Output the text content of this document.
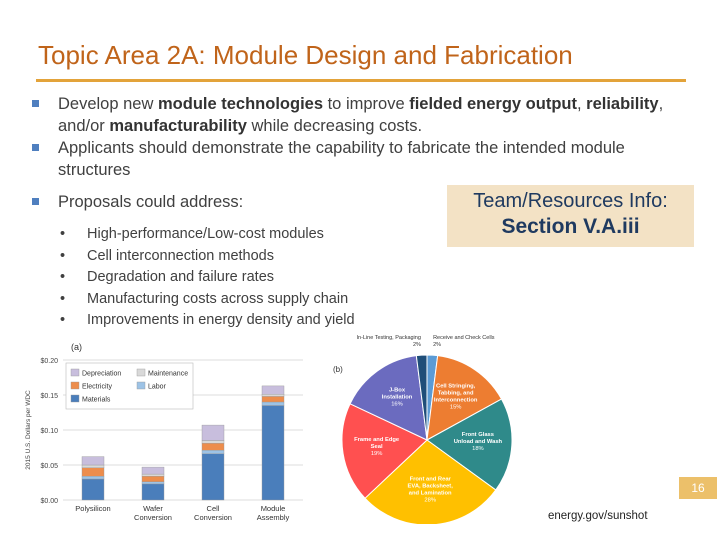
Topic Area 2A: Module Design and Fabrication
Develop new module technologies to improve fielded energy output, reliability, and/or manufacturability while decreasing costs.
Applicants should demonstrate the capability to fabricate the intended module structures
Proposals could address:
• High-performance/Low-cost modules
• Cell interconnection methods
• Degradation and failure rates
• Manufacturing costs across supply chain
• Improvements in energy density and yield
Team/Resources Info:
Section V.A.iii
(a)
$0.00
$0.05
$0.10
$0.15
$0.20
2015 U.S. Dollars per WDC
Polysilicon	Wafer
Conversion
Cell
Conversion
Module
Assembly
Depreciation	Maintenance
Electricity	Labor
Materials
Receive and Check Cells
2%
Cell Stringing,
Tabbing, and
Interconnection
15%
Front Glass
Unload and Wash
18%
Front and Rear
EVA, Backsheet,
and Lamination
28%
Frame and Edge
Seal
19%
J-Box
Installation
16%
In-Line Testing, Packaging
2%
(b)
16
energy.gov/sunshot
